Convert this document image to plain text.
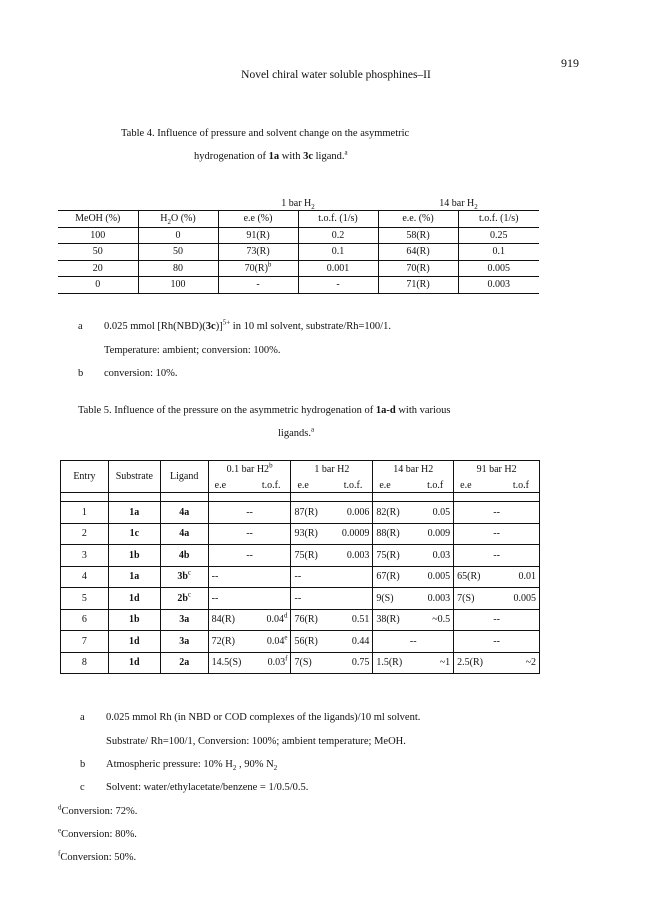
919
Novel chiral water soluble phosphines–II
Table 4. Influence of pressure and solvent change on the asymmetric
hydrogenation of 1a with 3c ligand.$^a$
		1 bar $H_2$		14 bar $H_2$
MeOH (%)	$H_2O$ (%)	e.e (%)	t.o.f. (1/s)	e.e. (%)	t.o.f. (1/s)
100	0	91(R)	0.2	58(R)	0.25
50	50	73(R)	0.1	64(R)	0.1
20	80	$70(R)^b$	0.001	70(R)	0.005
0	100	-	-	71(R)	0.003
a 0.025 mmol $[Rh(NBD)(3c)]^{5+}$ in 10 ml solvent, substrate/Rh=100/1.
Temperature: ambient; conversion: 100%.
b conversion: 10%.
Table 5. Influence of the pressure on the asymmetric hydrogenation of 1a-d with various
ligands.$^a$
Entry	Substrate	Ligand	0.1 bar H2$^b$	1 bar H2	14 bar H2	91 bar H2

			e.e t.o.f.	e.e t.o.f.	e.e t.o.f	e.e t.o.f

1	1a	4a	--	87(R) 0.006	82(R) 0.05	--

2	1c	4a	--	93(R) 0.0009	88(R) 0.009	--

3	1b	4b	--	75(R) 0.003	75(R) 0.03	--

4	1a	$3b^c$	--	--	67(R) 0.005	65(R) 0.01

5	1d	$2b^c$	--	--	9(S) 0.003	7(S) 0.005

6	1b	3a	84(R) 0.04$^d$	76(R) 0.51	38(R) ~0.5	--

7	1d	3a	72(R) 0.04e	56(R) 0.44	--	--

8	1d	2a	14.5(S) 0.03$^f$	7(S) 0.75	1.5(R) ~1	2.5(R) ~2
a 0.025 mmol Rh (in NBD or COD complexes of the ligands)/10 ml solvent.
Substrate/ Rh=100/1, Conversion: 100%; ambient temperature; MeOH.
b Atmospheric pressure: 10% $H_2$ , 90% $N_2$
c Solvent: water/ethylacetate/benzene = 1/0.5/0.5.
$^d$Conversion: 72%.
$^e$Conversion: 80%.
$^f$Conversion: 50%.
